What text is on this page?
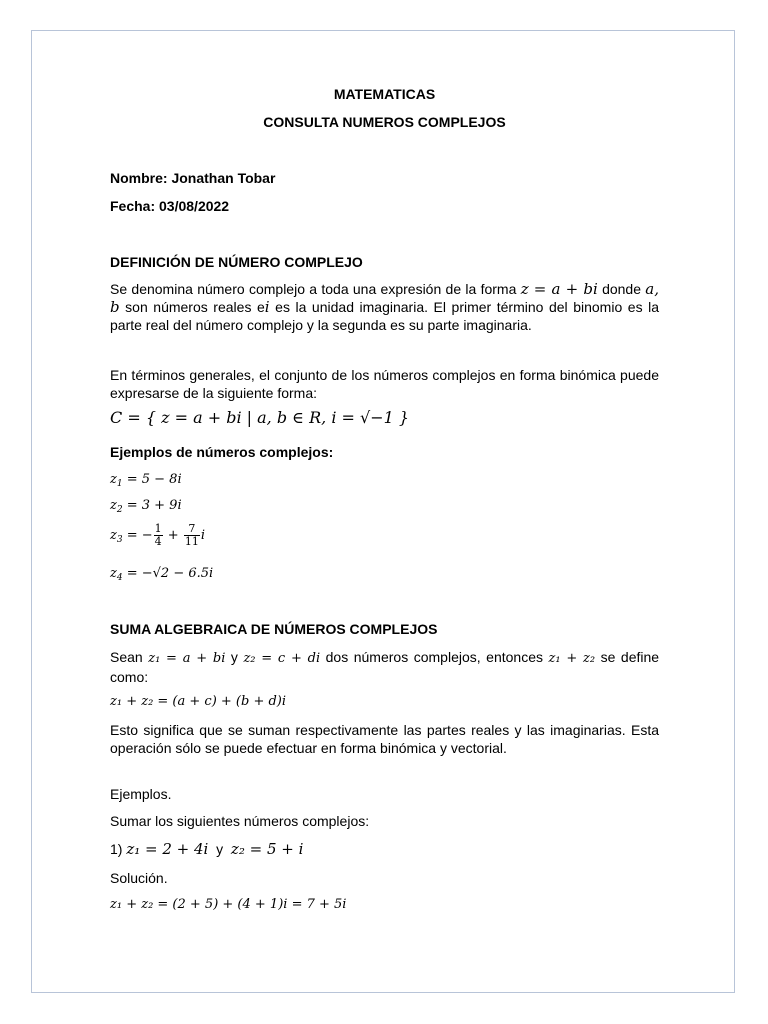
MATEMATICAS
CONSULTA NUMEROS COMPLEJOS
Nombre: Jonathan Tobar
Fecha: 03/08/2022
DEFINICIÓN DE NÚMERO COMPLEJO
Se denomina número complejo a toda una expresión de la forma z = a + bi donde a, b son números reales ei es la unidad imaginaria. El primer término del binomio es la parte real del número complejo y la segunda es su parte imaginaria.
En términos generales, el conjunto de los números complejos en forma binómica puede expresarse de la siguiente forma:
C = { z = a + bi | a, b ∈ R, i = √−1 }
Ejemplos de números complejos:
$z_1 = 5 - 8i$
$z_2 = 3 + 9i$
$z_3$ = − $\frac{1}{4} + \frac{7}{11}$ i
$z_4 = -√2 - 6.5i$
SUMA ALGEBRAICA DE NÚMEROS COMPLEJOS
Sean z₁ = a + bi y z₂ = c + di dos números complejos, entonces z₁ + z₂ se define como:
z₁ + z₂ = (a + c) + (b + d)i
Esto significa que se suman respectivamente las partes reales y las imaginarias. Esta operación sólo se puede efectuar en forma binómica y vectorial.
Ejemplos.
Sumar los siguientes números complejos:
1) z₁ = 2 + 4i y z₂ = 5 + i
Solución.
z₁ + z₂ = (2 + 5) + (4 + 1)i = 7 + 5i
